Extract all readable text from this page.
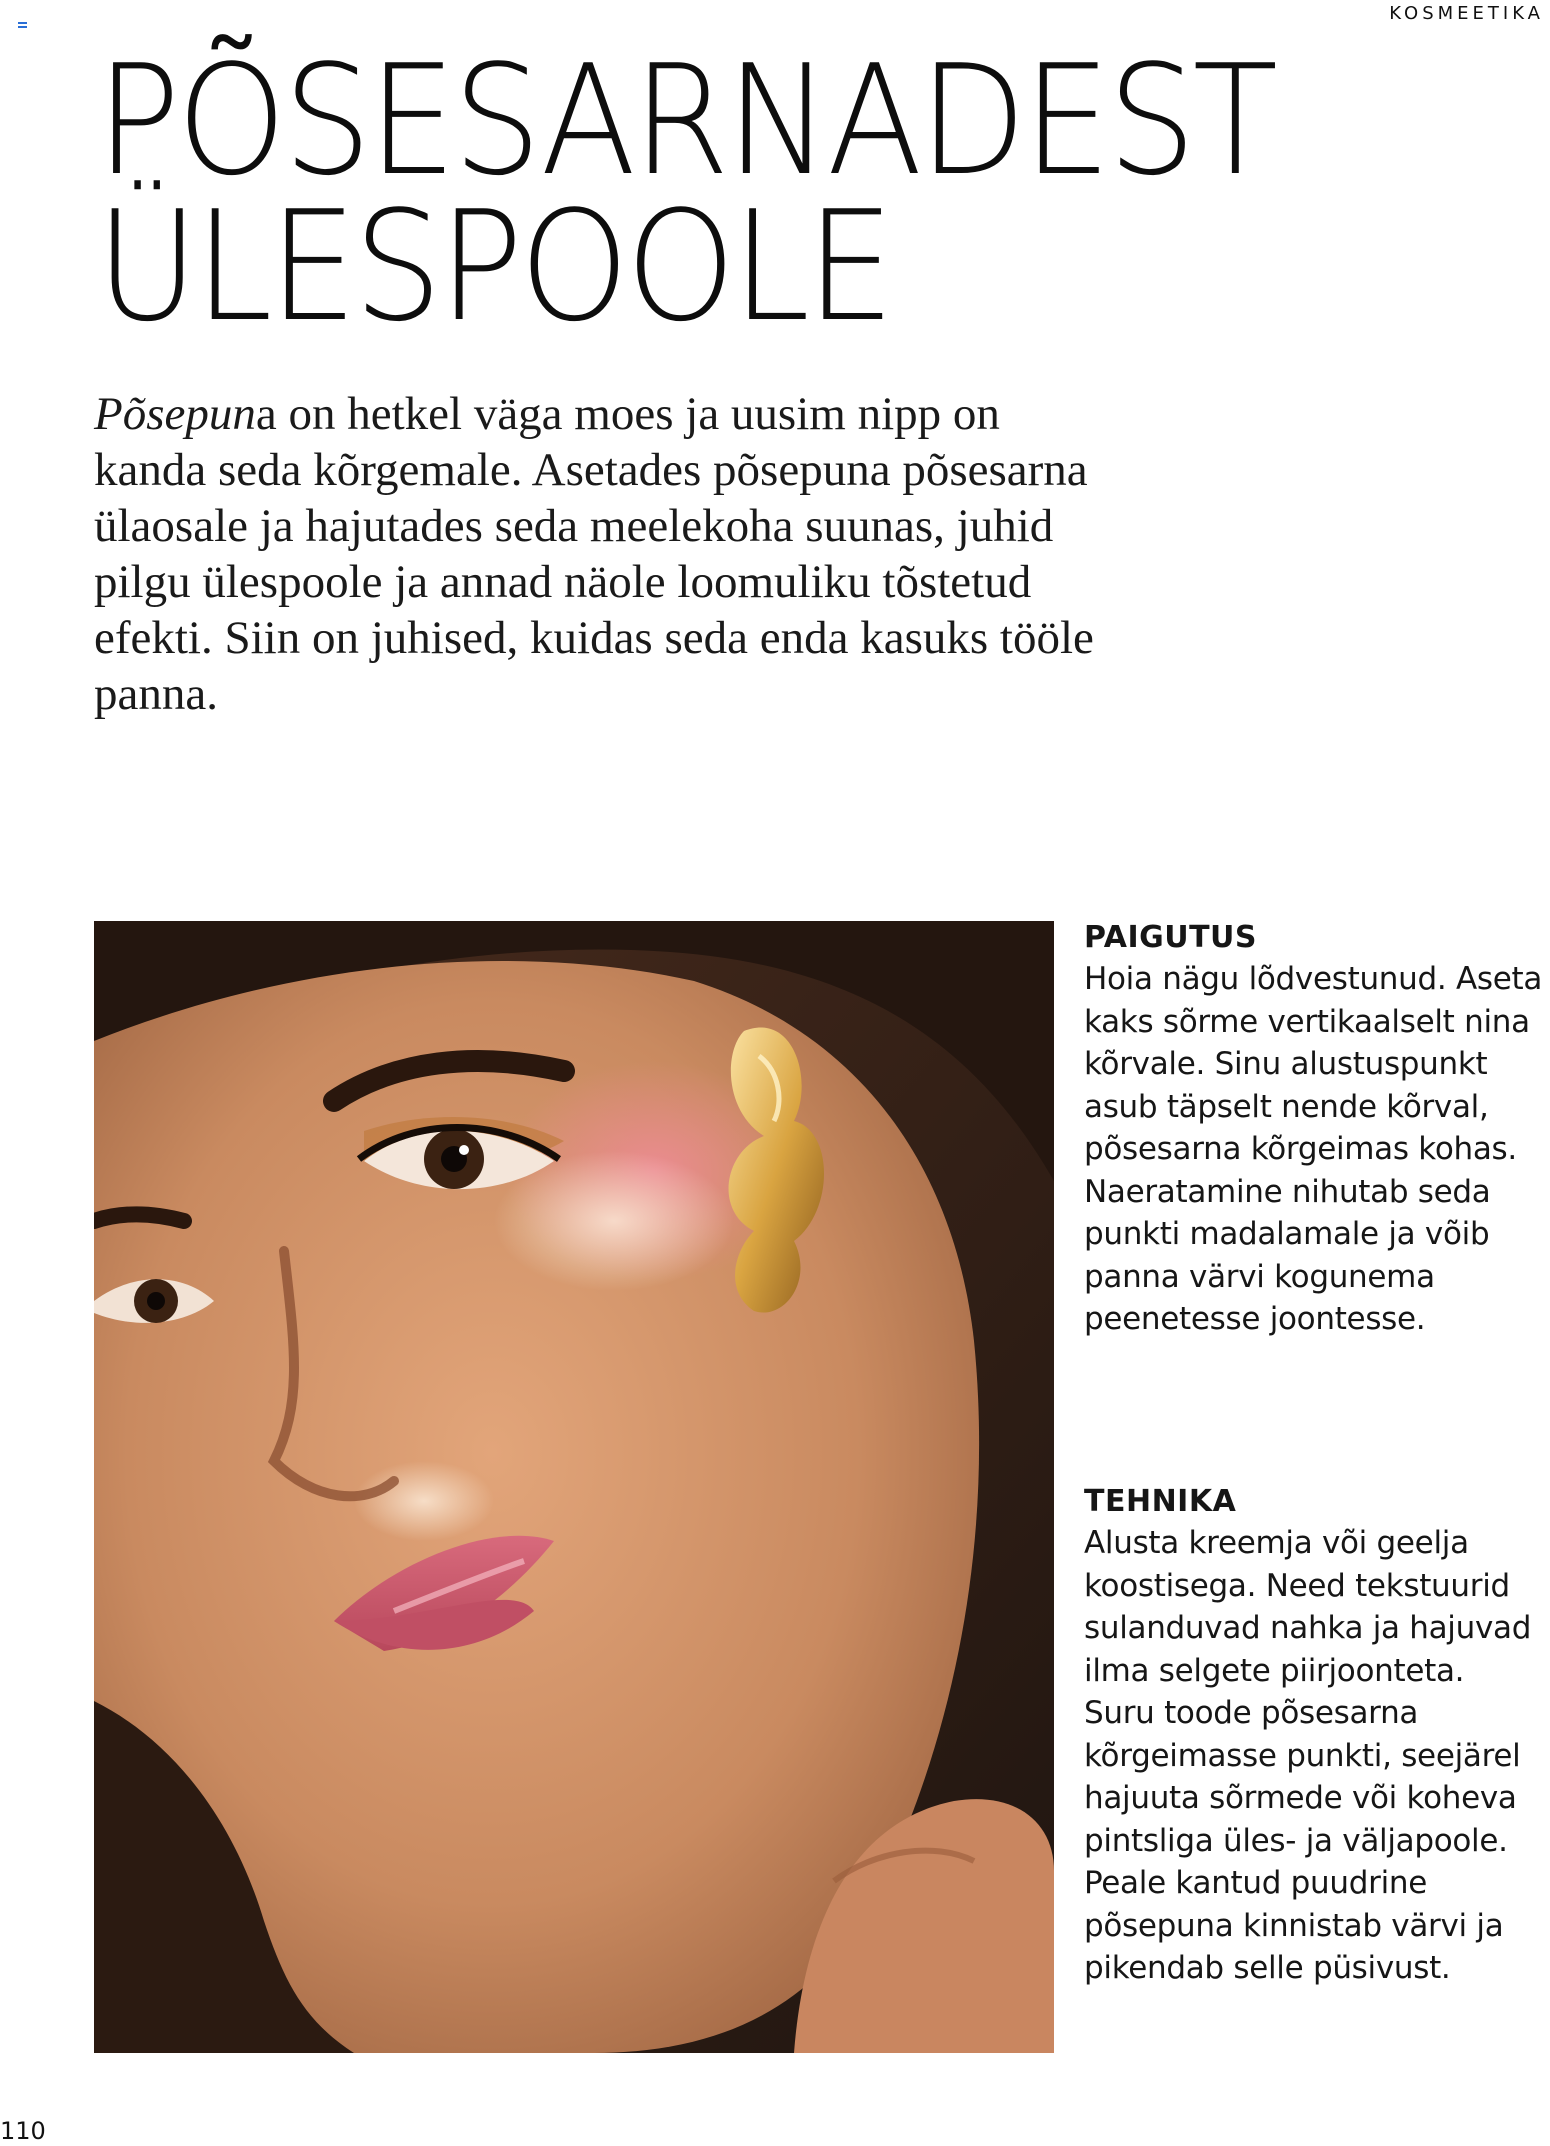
KOSMEETIKA
PÕSESARNADEST
ÜLESPOOLE

Põsepuna on hetkel väga moes ja uusim nipp on kanda seda kõrgemale. Asetades põsepuna põsesarna ülaosale ja hajutades seda meelekoha suunas, juhid pilgu ülespoole ja annad näole loomuliku tõstetud efekti. Siin on juhised, kuidas seda enda kasuks tööle panna.

PAIGUTUS

Hoia nägu lõdvestunud. Aseta kaks sõrme vertikaalselt nina kõrvale. Sinu alustuspunkt asub täpselt nende kõrval, põsesarna kõrgeimas kohas. Naeratamine nihutab seda punkti madalamale ja võib panna värvi kogunema peenetesse joontesse.

TEHNIKA

Alusta kreemja või geelja koostisega. Need tekstuurid sulanduvad nahka ja hajuvad ilma selgete piirjoonteta. Suru toode põsesarna kõrgeimasse punkti, seejärel hajuuta sõrmede või koheva pintsliga üles- ja väljapoole. Peale kantud puudrine põsepuna kinnistab värvi ja pikendab selle püsivust.

110
